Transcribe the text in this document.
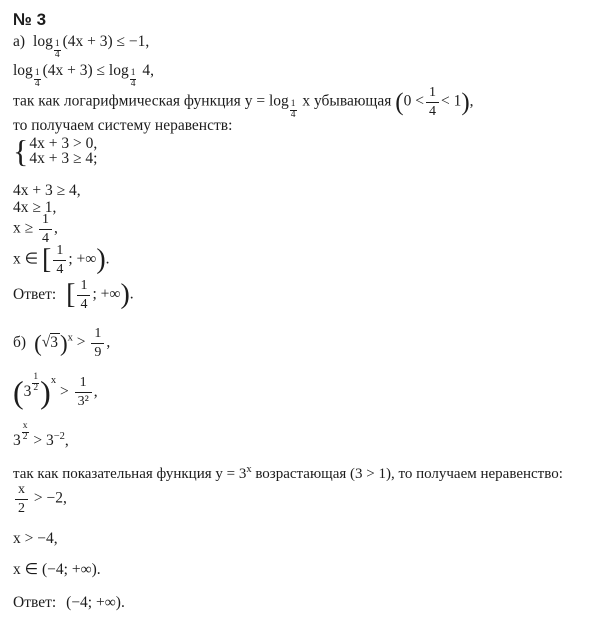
№ 3
а) $\log \frac{1}{4} (4x + 3) \le -1$,
$\log \frac{1}{4} (4x + 3) \le \log \frac{1}{4} 4$,
так как логарифмическая функция $y = \log \frac{1}{4}$ x убывающая $(0 < \frac{1}{4} < 1)$,
то получаем систему неравенств:
{ 4x + 3 > 0,
4x + 3 ≥ 4;
4x + 3 ≥ 4,
4x ≥ 1,
$x \ge \frac{1}{4}$ ,
x ∈ [ $\frac{1}{4}$ ; +∞).
Ответ: [ $\frac{1}{4}$ ; +∞).
б) $(√3)^x > \frac{1}{9}$ ,
$(3 \frac{1}{2} )^x > \frac{1}{\text{3²}}$ ,
$3 \frac{x}{2} > 3^{-2}$,
так как показательная функция $y = 3^x$ возрастающая (3 > 1), то получаем неравенство:
$\frac{x}{2} > -2$,
x > −4,
x ∈ (−4; +∞).
Ответ: (−4; +∞).
